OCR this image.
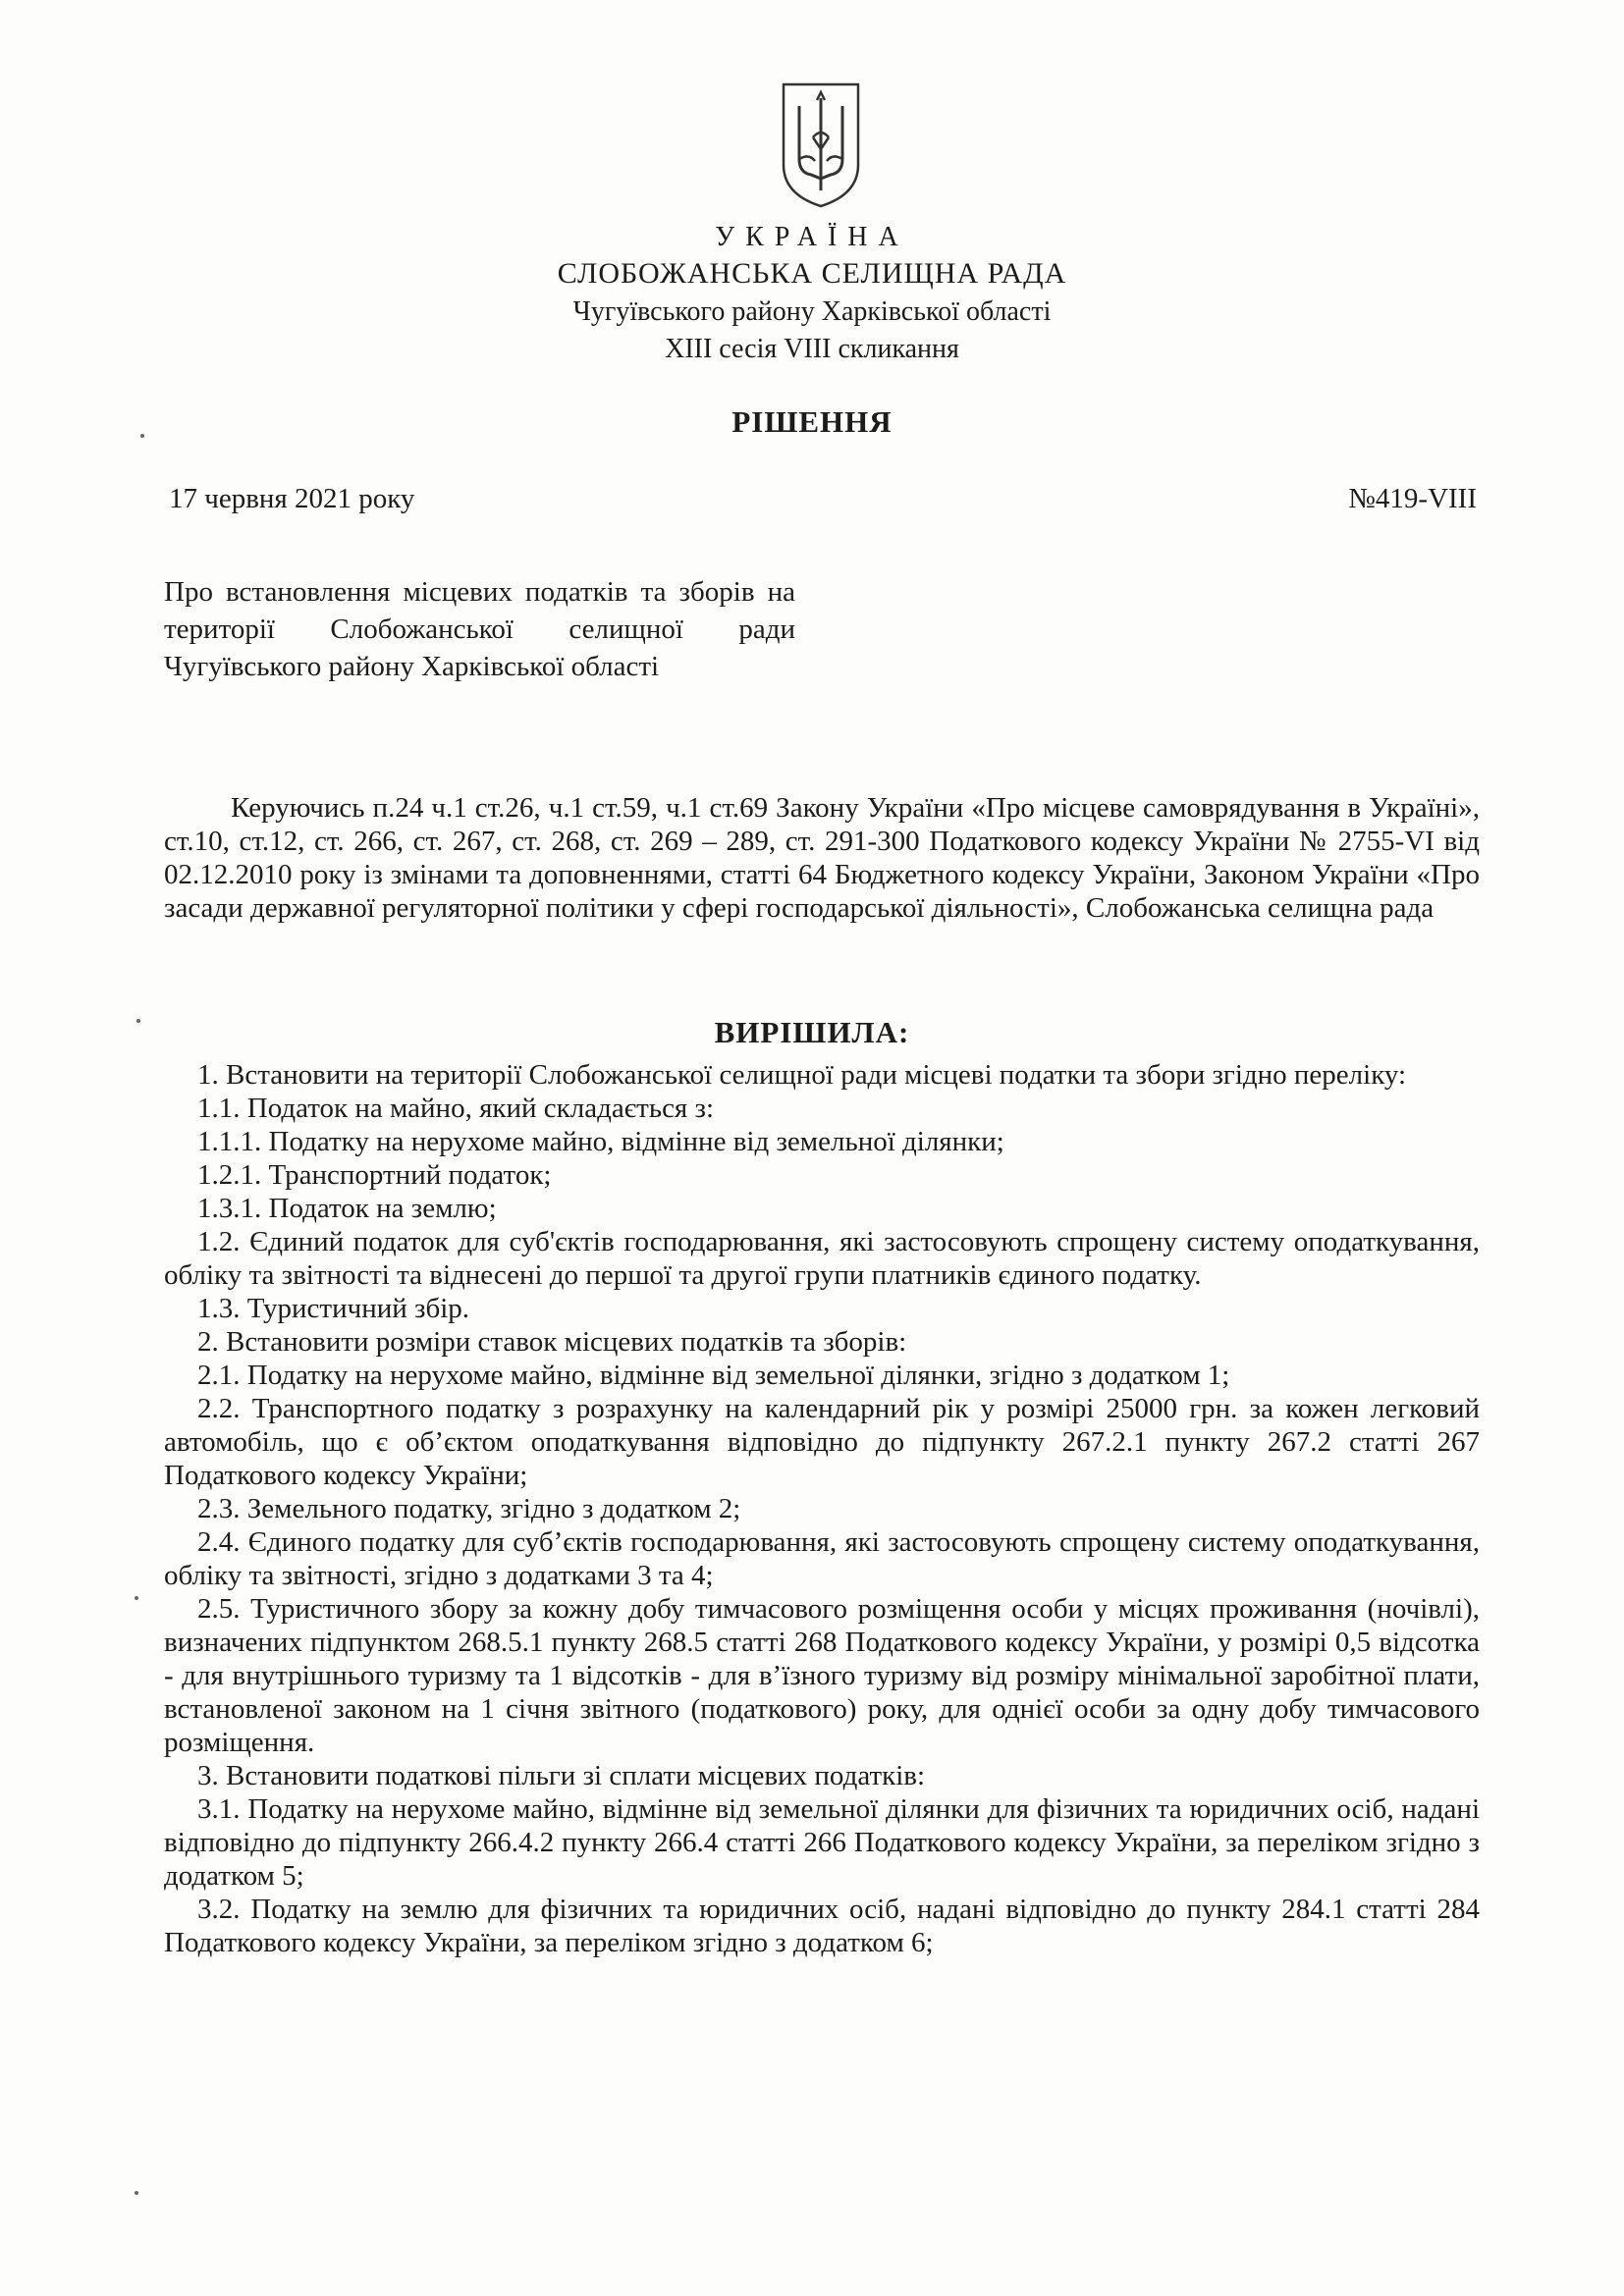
УКРАЇНА
СЛОБОЖАНСЬКА СЕЛИЩНА РАДА
Чугуївського району Харківської області
XIII сесія VIII скликання
РІШЕННЯ
17 червня 2021 року	№419-VIII
Про встановлення місцевих податків та зборів на території Слобожанської селищної ради Чугуївського району Харківської області
Керуючись п.24 ч.1 ст.26, ч.1 ст.59, ч.1 ст.69 Закону України «Про місцеве самоврядування в Україні», ст.10, ст.12, ст. 266, ст. 267, ст. 268, ст. 269 – 289, ст. 291-300 Податкового кодексу України № 2755-VI від 02.12.2010 року із змінами та доповненнями, статті 64 Бюджетного кодексу України, Законом України «Про засади державної регуляторної політики у сфері господарської діяльності», Слобожанська селищна рада
ВИРІШИЛА:

1. Встановити на території Слобожанської селищної ради місцеві податки та збори згідно переліку:

1.1. Податок на майно, який складається з:

1.1.1. Податку на нерухоме майно, відмінне від земельної ділянки;

1.2.1. Транспортний податок;

1.3.1. Податок на землю;

1.2. Єдиний податок для суб'єктів господарювання, які застосовують спрощену систему оподаткування, обліку та звітності та віднесені до першої та другої групи платників єдиного податку.

1.3. Туристичний збір.

2. Встановити розміри ставок місцевих податків та зборів:

2.1. Податку на нерухоме майно, відмінне від земельної ділянки, згідно з додатком 1;

2.2. Транспортного податку з розрахунку на календарний рік у розмірі 25000 грн. за кожен легковий автомобіль, що є об’єктом оподаткування відповідно до підпункту 267.2.1 пункту 267.2 статті 267 Податкового кодексу України;

2.3. Земельного податку, згідно з додатком 2;

2.4. Єдиного податку для суб’єктів господарювання, які застосовують спрощену систему оподаткування, обліку та звітності, згідно з додатками 3 та 4;

2.5. Туристичного збору за кожну добу тимчасового розміщення особи у місцях проживання (ночівлі), визначених підпунктом 268.5.1 пункту 268.5 статті 268 Податкового кодексу України, у розмірі 0,5 відсотка - для внутрішнього туризму та 1 відсотків - для в’їзного туризму від розміру мінімальної заробітної плати, встановленої законом на 1 січня звітного (податкового) року, для однієї особи за одну добу тимчасового розміщення.

3. Встановити податкові пільги зі сплати місцевих податків:

3.1. Податку на нерухоме майно, відмінне від земельної ділянки для фізичних та юридичних осіб, надані відповідно до підпункту 266.4.2 пункту 266.4 статті 266 Податкового кодексу України, за переліком згідно з додатком 5;

3.2. Податку на землю для фізичних та юридичних осіб, надані відповідно до пункту 284.1 статті 284 Податкового кодексу України, за переліком згідно з додатком 6;
